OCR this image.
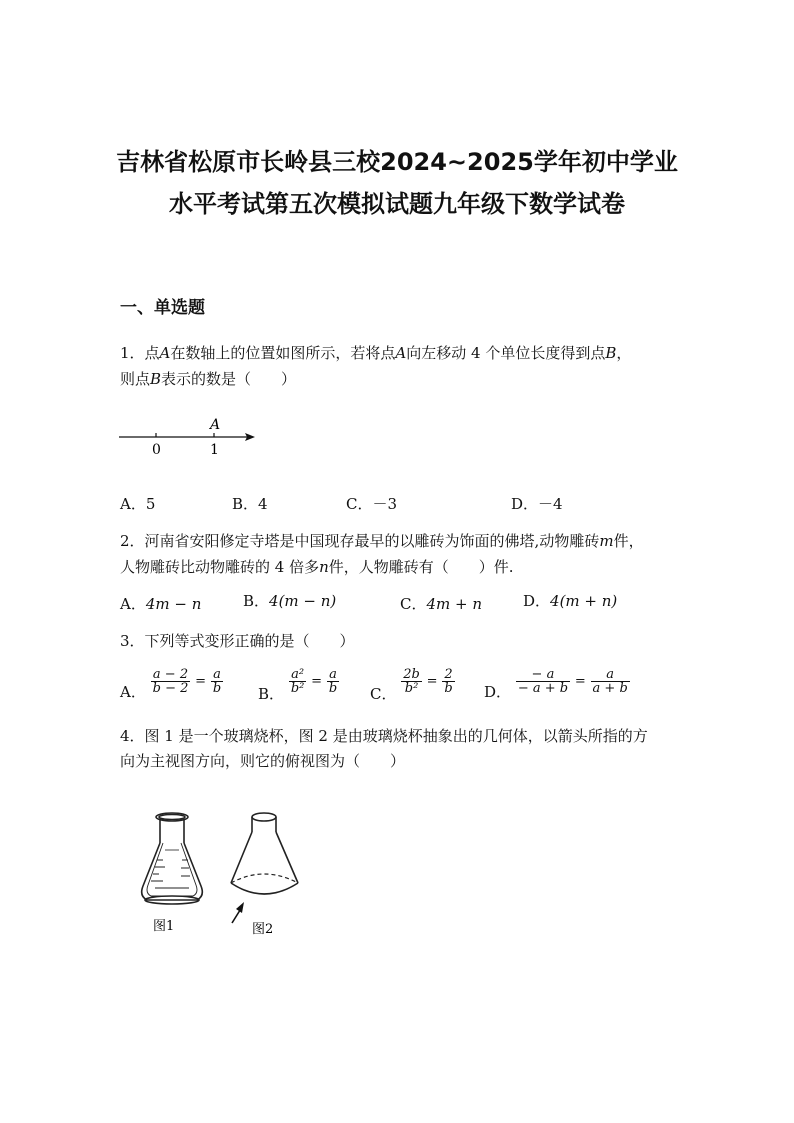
吉林省松原市长岭县三校2024~2025学年初中学业
水平考试第五次模拟试题九年级下数学试卷
一、单选题
1．点A在数轴上的位置如图所示，若将点A向左移动 4 个单位长度得到点B，
则点B表示的数是（　　）
0	1
A
A．5	B．4	C．－3	D．－4
2．河南省安阳修定寺塔是中国现存最早的以雕砖为饰面的佛塔,动物雕砖m件，
人物雕砖比动物雕砖的 4 倍多n件，人物雕砖有（　　）件.
A．4m − n	B．4(m − n)	C．4m + n	D．4(m + n)
3．下列等式变形正确的是（　　）
A． $\frac{a - 2}{b - 2} = \frac{a}{b}$ B． $\frac{\text{a²}}{\text{b²}} = \frac{a}{b}$ C． $\frac{2b}{\text{b²}} = \frac{2}{b}$ D． $\frac{- a}{- a + b} = \frac{a}{a + b}$
4．图 1 是一个玻璃烧杯，图 2 是由玻璃烧杯抽象出的几何体，以箭头所指的方
向为主视图方向，则它的俯视图为（　　）
图1	图2
